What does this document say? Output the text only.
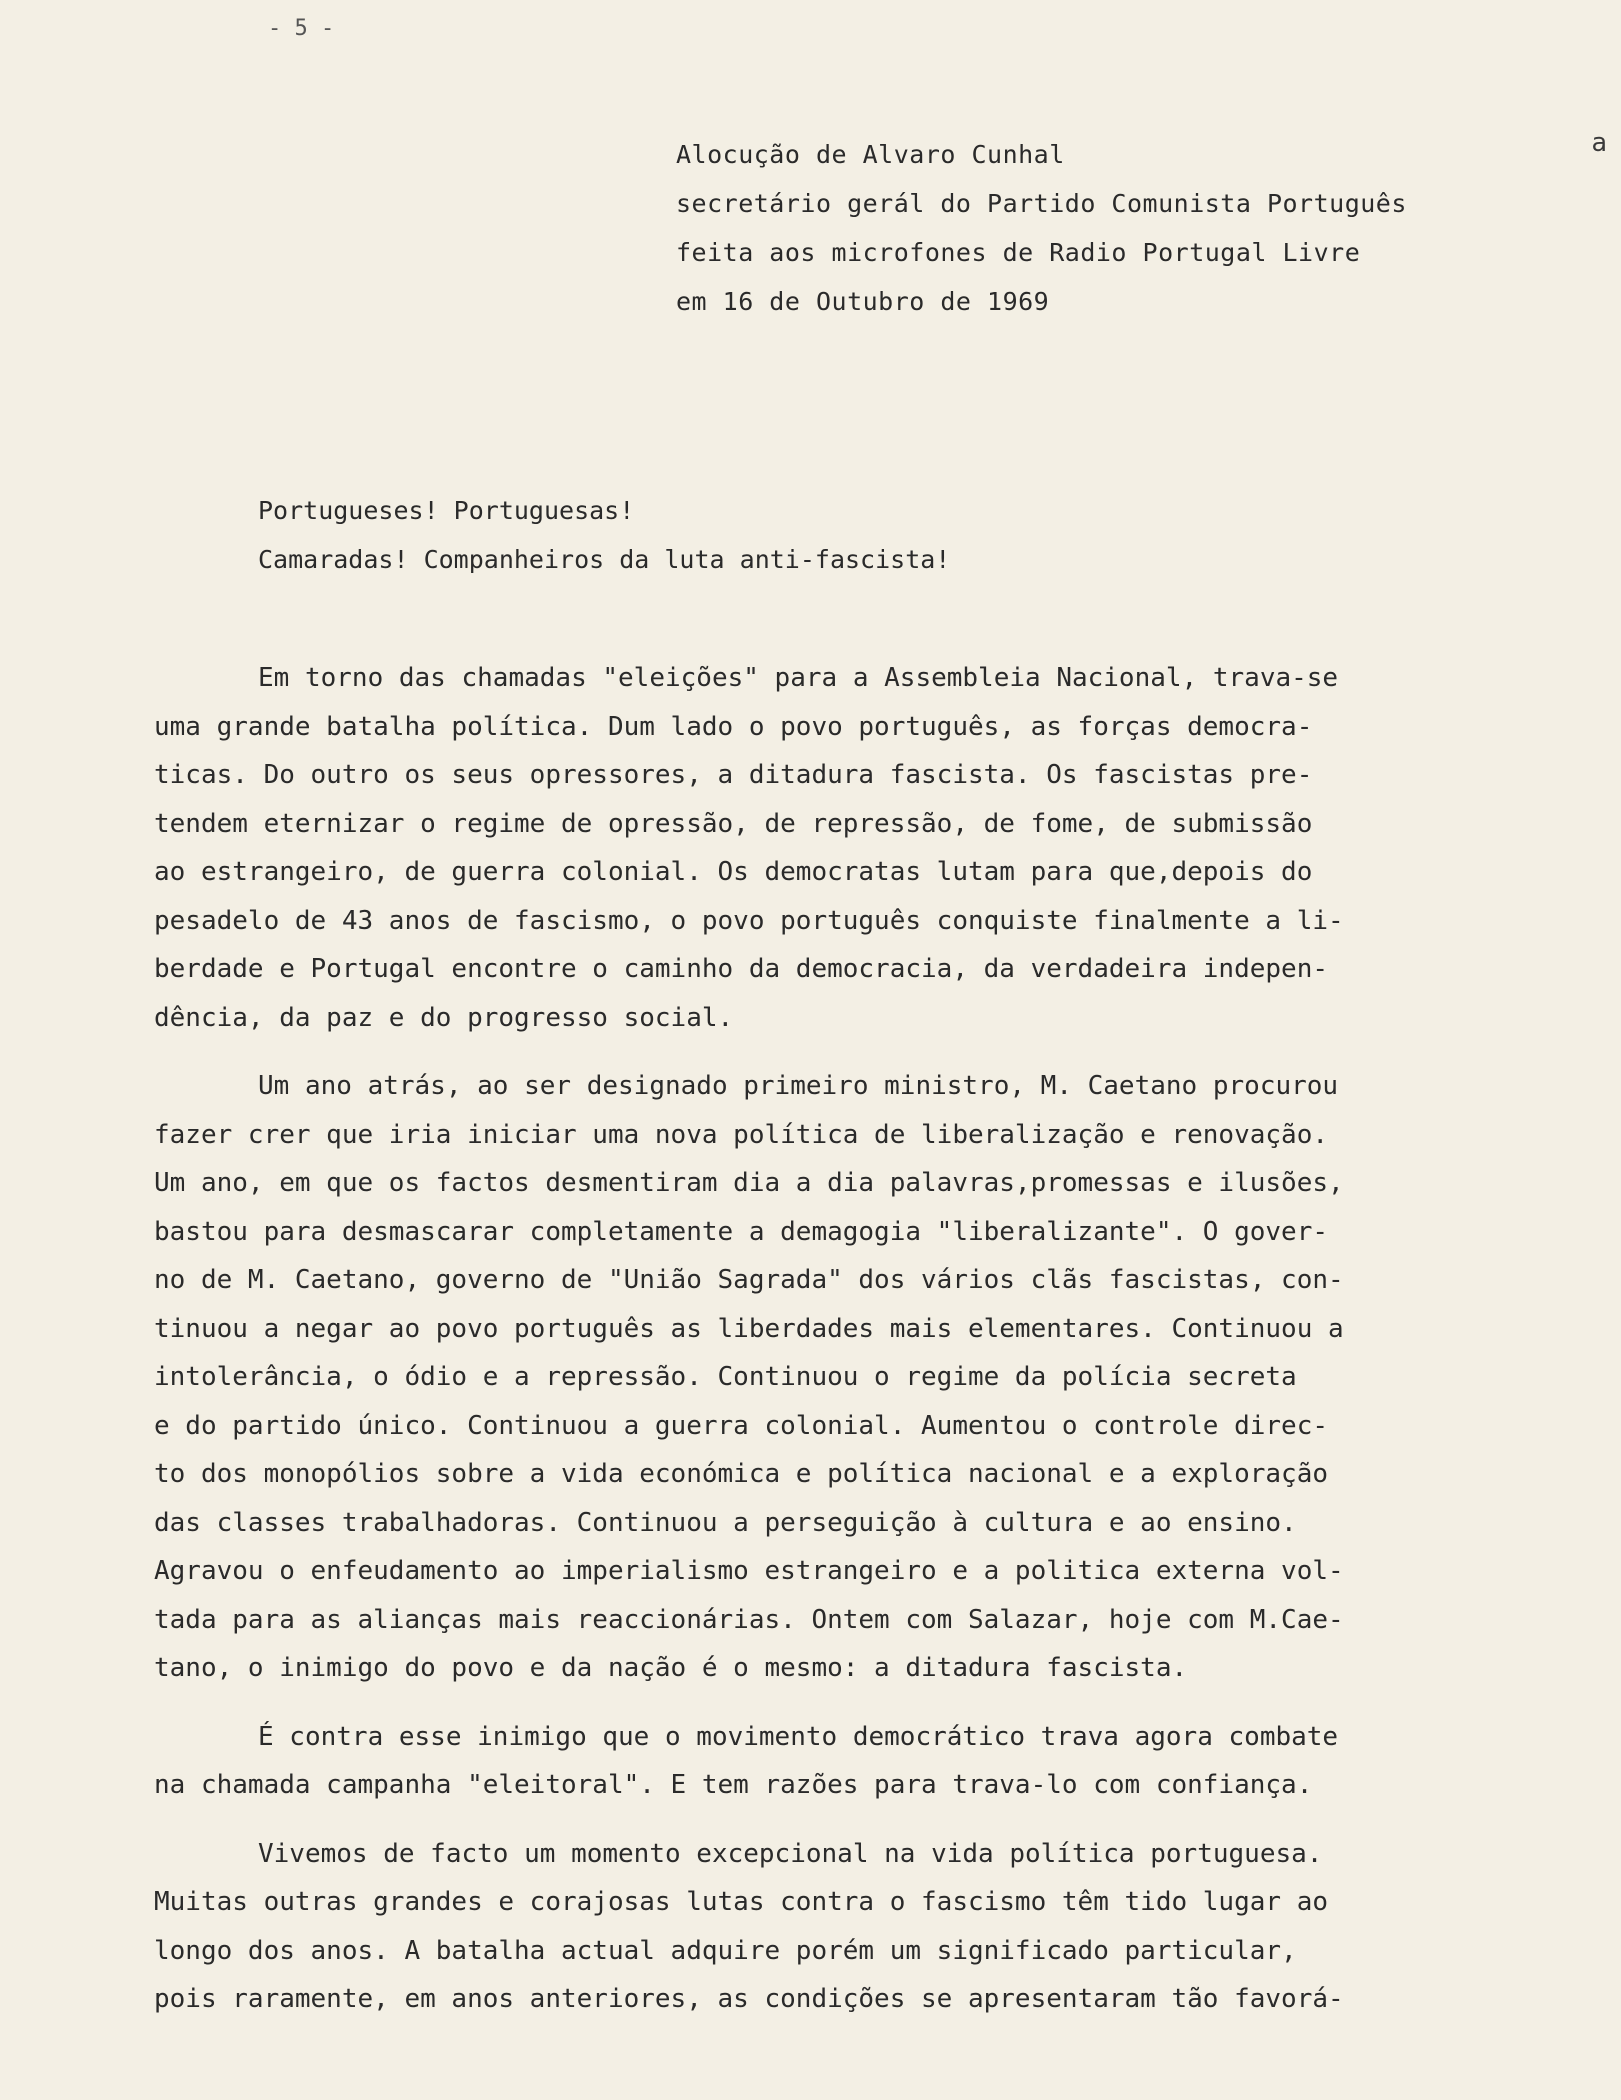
- 5 -
a
Alocução de Alvaro Cunhal
secretário gerál do Partido Comunista Português
feita aos microfones de Radio Portugal Livre
em 16 de Outubro de 1969
Portugueses! Portuguesas!
Camaradas! Companheiros da luta anti-fascista!
Em torno das chamadas "eleições" para a Assembleia Nacional, trava-se
uma grande batalha política. Dum lado o povo português, as forças democra-
ticas. Do outro os seus opressores, a ditadura fascista. Os fascistas pre-
tendem eternizar o regime de opressão, de repressão, de fome, de submissão
ao estrangeiro, de guerra colonial. Os democratas lutam para que,depois do
pesadelo de 43 anos de fascismo, o povo português conquiste finalmente a li-
berdade e Portugal encontre o caminho da democracia, da verdadeira indepen-
dência, da paz e do progresso social.
Um ano atrás, ao ser designado primeiro ministro, M. Caetano procurou
fazer crer que iria iniciar uma nova política de liberalização e renovação.
Um ano, em que os factos desmentiram dia a dia palavras,promessas e ilusões,
bastou para desmascarar completamente a demagogia "liberalizante". O gover-
no de M. Caetano, governo de "União Sagrada" dos vários clãs fascistas, con-
tinuou a negar ao povo português as liberdades mais elementares. Continuou a
intolerância, o ódio e a repressão. Continuou o regime da polícia secreta
e do partido único. Continuou a guerra colonial. Aumentou o controle direc-
to dos monopólios sobre a vida económica e política nacional e a exploração
das classes trabalhadoras. Continuou a perseguição à cultura e ao ensino.
Agravou o enfeudamento ao imperialismo estrangeiro e a politica externa vol-
tada para as alianças mais reaccionárias. Ontem com Salazar, hoje com M.Cae-
tano, o inimigo do povo e da nação é o mesmo: a ditadura fascista.
É contra esse inimigo que o movimento democrático trava agora combate
na chamada campanha "eleitoral". E tem razões para trava-lo com confiança.
Vivemos de facto um momento excepcional na vida política portuguesa.
Muitas outras grandes e corajosas lutas contra o fascismo têm tido lugar ao
longo dos anos. A batalha actual adquire porém um significado particular,
pois raramente, em anos anteriores, as condições se apresentaram tão favorá-
